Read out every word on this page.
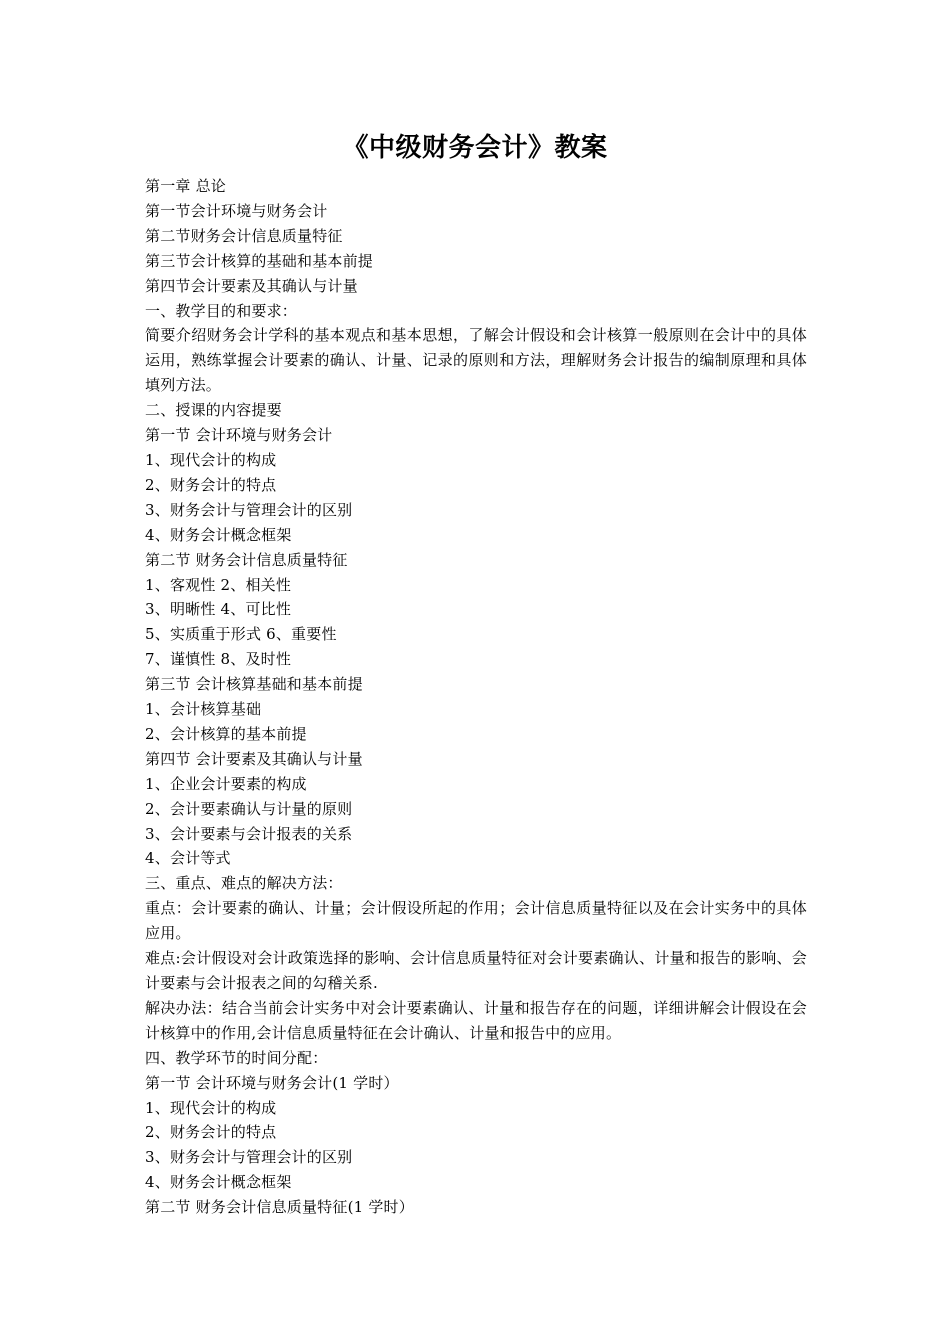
《中级财务会计》教案
第一章 总论
第一节会计环境与财务会计
第二节财务会计信息质量特征
第三节会计核算的基础和基本前提
第四节会计要素及其确认与计量
一、教学目的和要求：
简要介绍财务会计学科的基本观点和基本思想，了解会计假设和会计核算一般原则在会计中的具体运用，熟练掌握会计要素的确认、计量、记录的原则和方法，理解财务会计报告的编制原理和具体填列方法。
二、授课的内容提要
第一节 会计环境与财务会计
1、现代会计的构成
2、财务会计的特点
3、财务会计与管理会计的区别
4、财务会计概念框架
第二节 财务会计信息质量特征
1、客观性 2、相关性
3、明晰性 4、可比性
5、实质重于形式 6、重要性
7、谨慎性 8、及时性
第三节 会计核算基础和基本前提
1、会计核算基础
2、会计核算的基本前提
第四节 会计要素及其确认与计量
1、企业会计要素的构成
2、会计要素确认与计量的原则
3、会计要素与会计报表的关系
4、会计等式
三、重点、难点的解决方法：
重点：会计要素的确认、计量；会计假设所起的作用；会计信息质量特征以及在会计实务中的具体应用。
难点:会计假设对会计政策选择的影响、会计信息质量特征对会计要素确认、计量和报告的影响、会计要素与会计报表之间的勾稽关系.
解决办法：结合当前会计实务中对会计要素确认、计量和报告存在的问题，详细讲解会计假设在会计核算中的作用,会计信息质量特征在会计确认、计量和报告中的应用。
四、教学环节的时间分配：
第一节 会计环境与财务会计(1 学时）
1、现代会计的构成
2、财务会计的特点
3、财务会计与管理会计的区别
4、财务会计概念框架
第二节 财务会计信息质量特征(1 学时）
